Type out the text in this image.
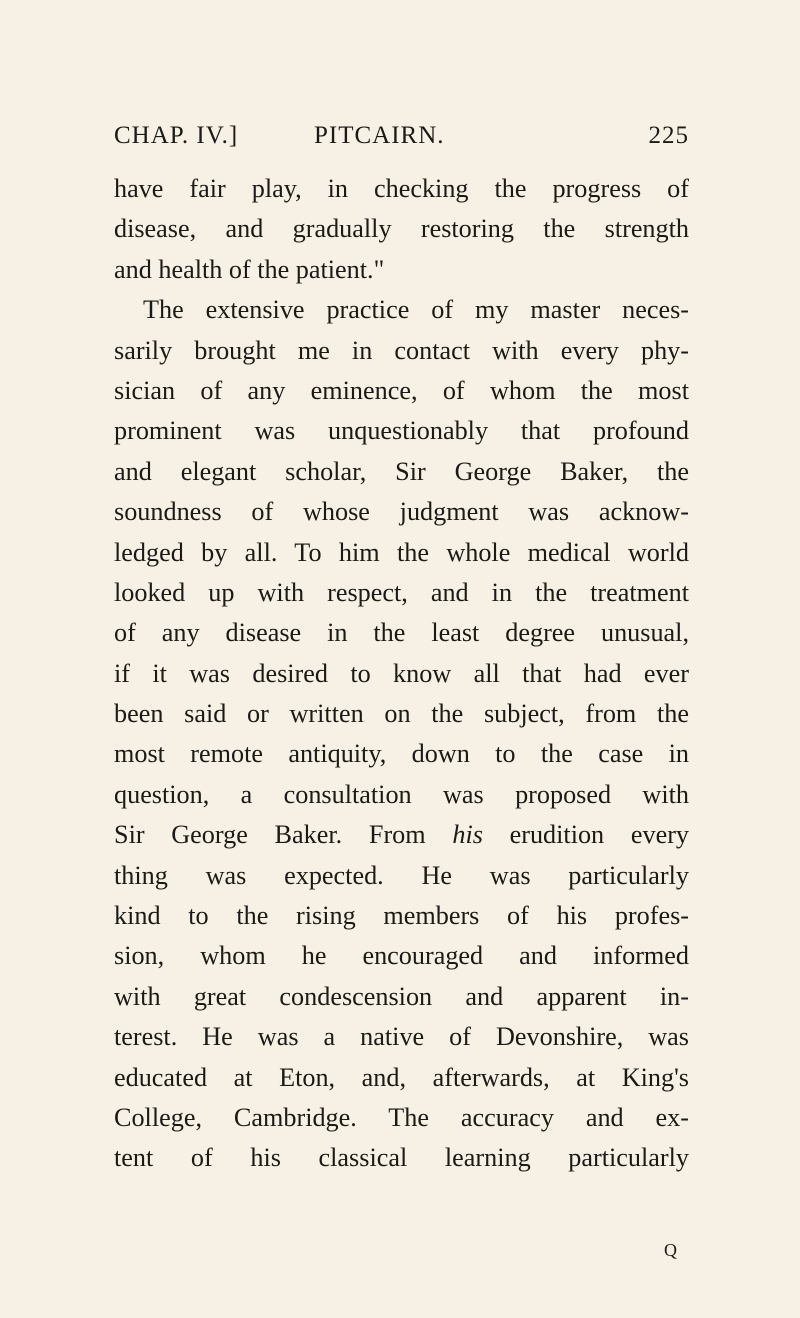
CHAP. IV.]	PITCAIRN.	225
have fair play, in checking the progress of
disease, and gradually restoring the strength
and health of the patient."
The extensive practice of my master neces-
sarily brought me in contact with every phy-
sician of any eminence, of whom the most
prominent was unquestionably that profound
and elegant scholar, Sir George Baker, the
soundness of whose judgment was acknow-
ledged by all. To him the whole medical world
looked up with respect, and in the treatment
of any disease in the least degree unusual,
if it was desired to know all that had ever
been said or written on the subject, from the
most remote antiquity, down to the case in
question, a consultation was proposed with
Sir George Baker. From his erudition every
thing was expected. He was particularly
kind to the rising members of his profes-
sion, whom he encouraged and informed
with great condescension and apparent in-
terest. He was a native of Devonshire, was
educated at Eton, and, afterwards, at King's
College, Cambridge. The accuracy and ex-
tent of his classical learning particularly
Q
